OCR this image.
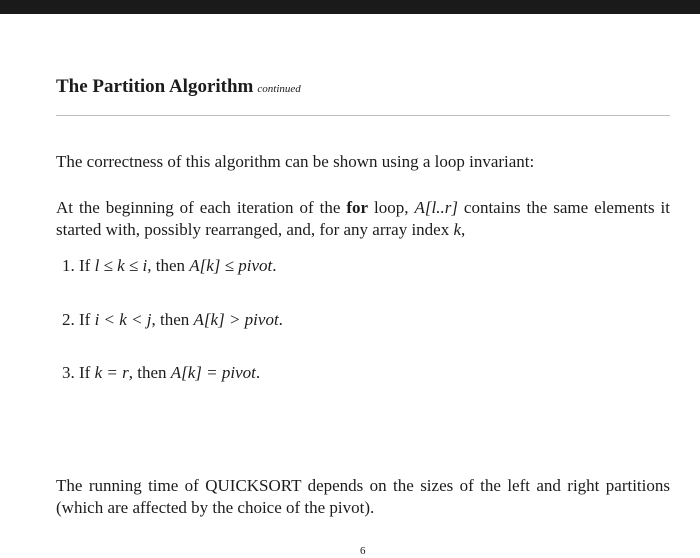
The Partition Algorithm continued

The correctness of this algorithm can be shown using a loop invariant:

At the beginning of each iteration of the for loop, A[l..r] contains the same elements it started with, possibly rearranged, and, for any array index k,

1. If l ≤ k ≤ i, then A[k] ≤ pivot.
2. If i < k < j, then A[k] > pivot.
3. If k = r, then A[k] = pivot.

The running time of QUICKSORT depends on the sizes of the left and right partitions (which are affected by the choice of the pivot).

6
